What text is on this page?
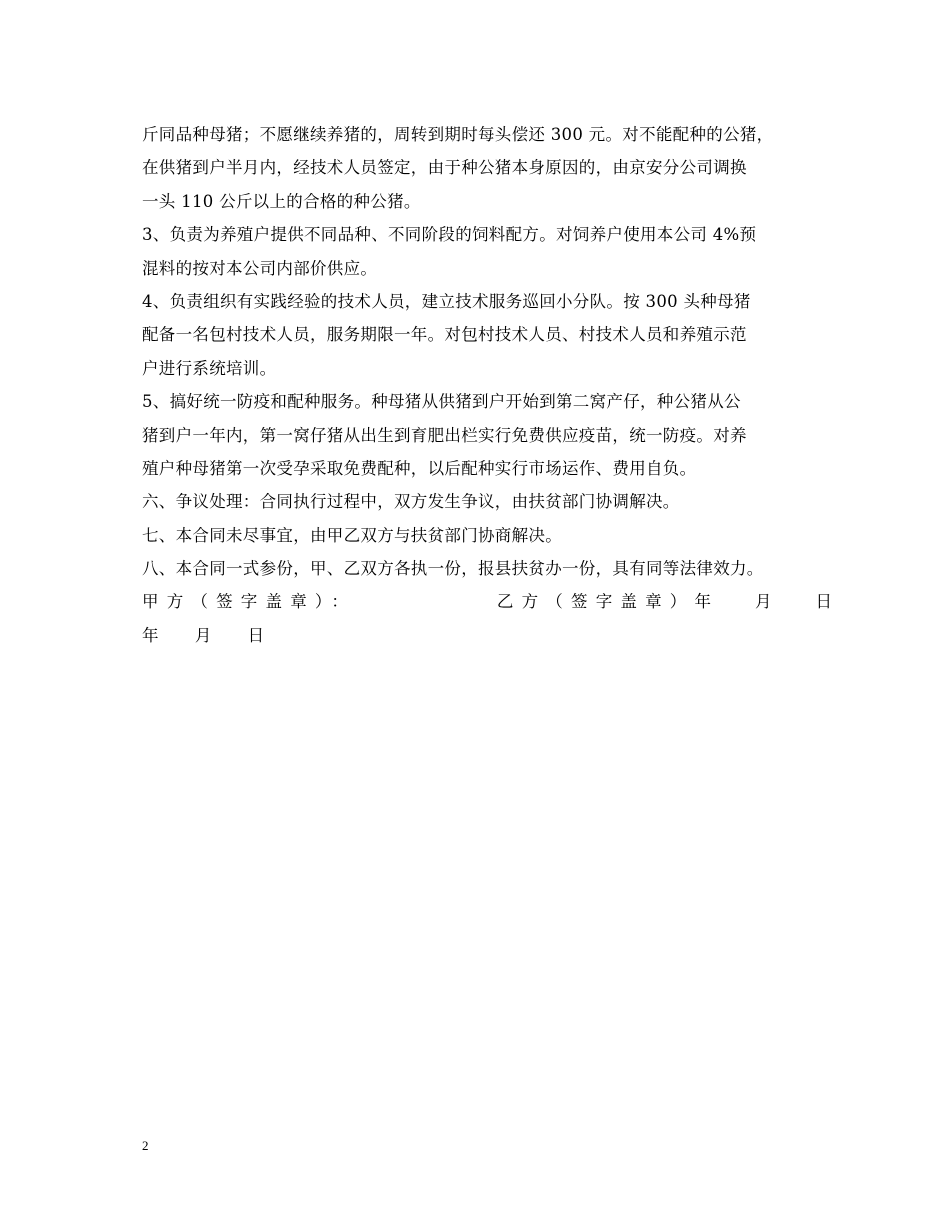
斤同品种母猪；不愿继续养猪的，周转到期时每头偿还 300 元。对不能配种的公猪，
在供猪到户半月内，经技术人员签定，由于种公猪本身原因的，由京安分公司调换
一头 110 公斤以上的合格的种公猪。
3、负责为养殖户提供不同品种、不同阶段的饲料配方。对饲养户使用本公司 4%预
混料的按对本公司内部价供应。
4、负责组织有实践经验的技术人员，建立技术服务巡回小分队。按 300 头种母猪
配备一名包村技术人员，服务期限一年。对包村技术人员、村技术人员和养殖示范
户进行系统培训。
5、搞好统一防疫和配种服务。种母猪从供猪到户开始到第二窝产仔，种公猪从公
猪到户一年内，第一窝仔猪从出生到育肥出栏实行免费供应疫苗，统一防疫。对养
殖户种母猪第一次受孕采取免费配种，以后配种实行市场运作、费用自负。
六、争议处理：合同执行过程中，双方发生争议，由扶贫部门协调解决。
七、本合同未尽事宜，由甲乙双方与扶贫部门协商解决。
八、本合同一式参份，甲、乙双方各执一份，报县扶贫办一份，具有同等法律效力。
甲方（签字盖章）：	乙方（签字盖章）年	月	日
年 月 日
2
